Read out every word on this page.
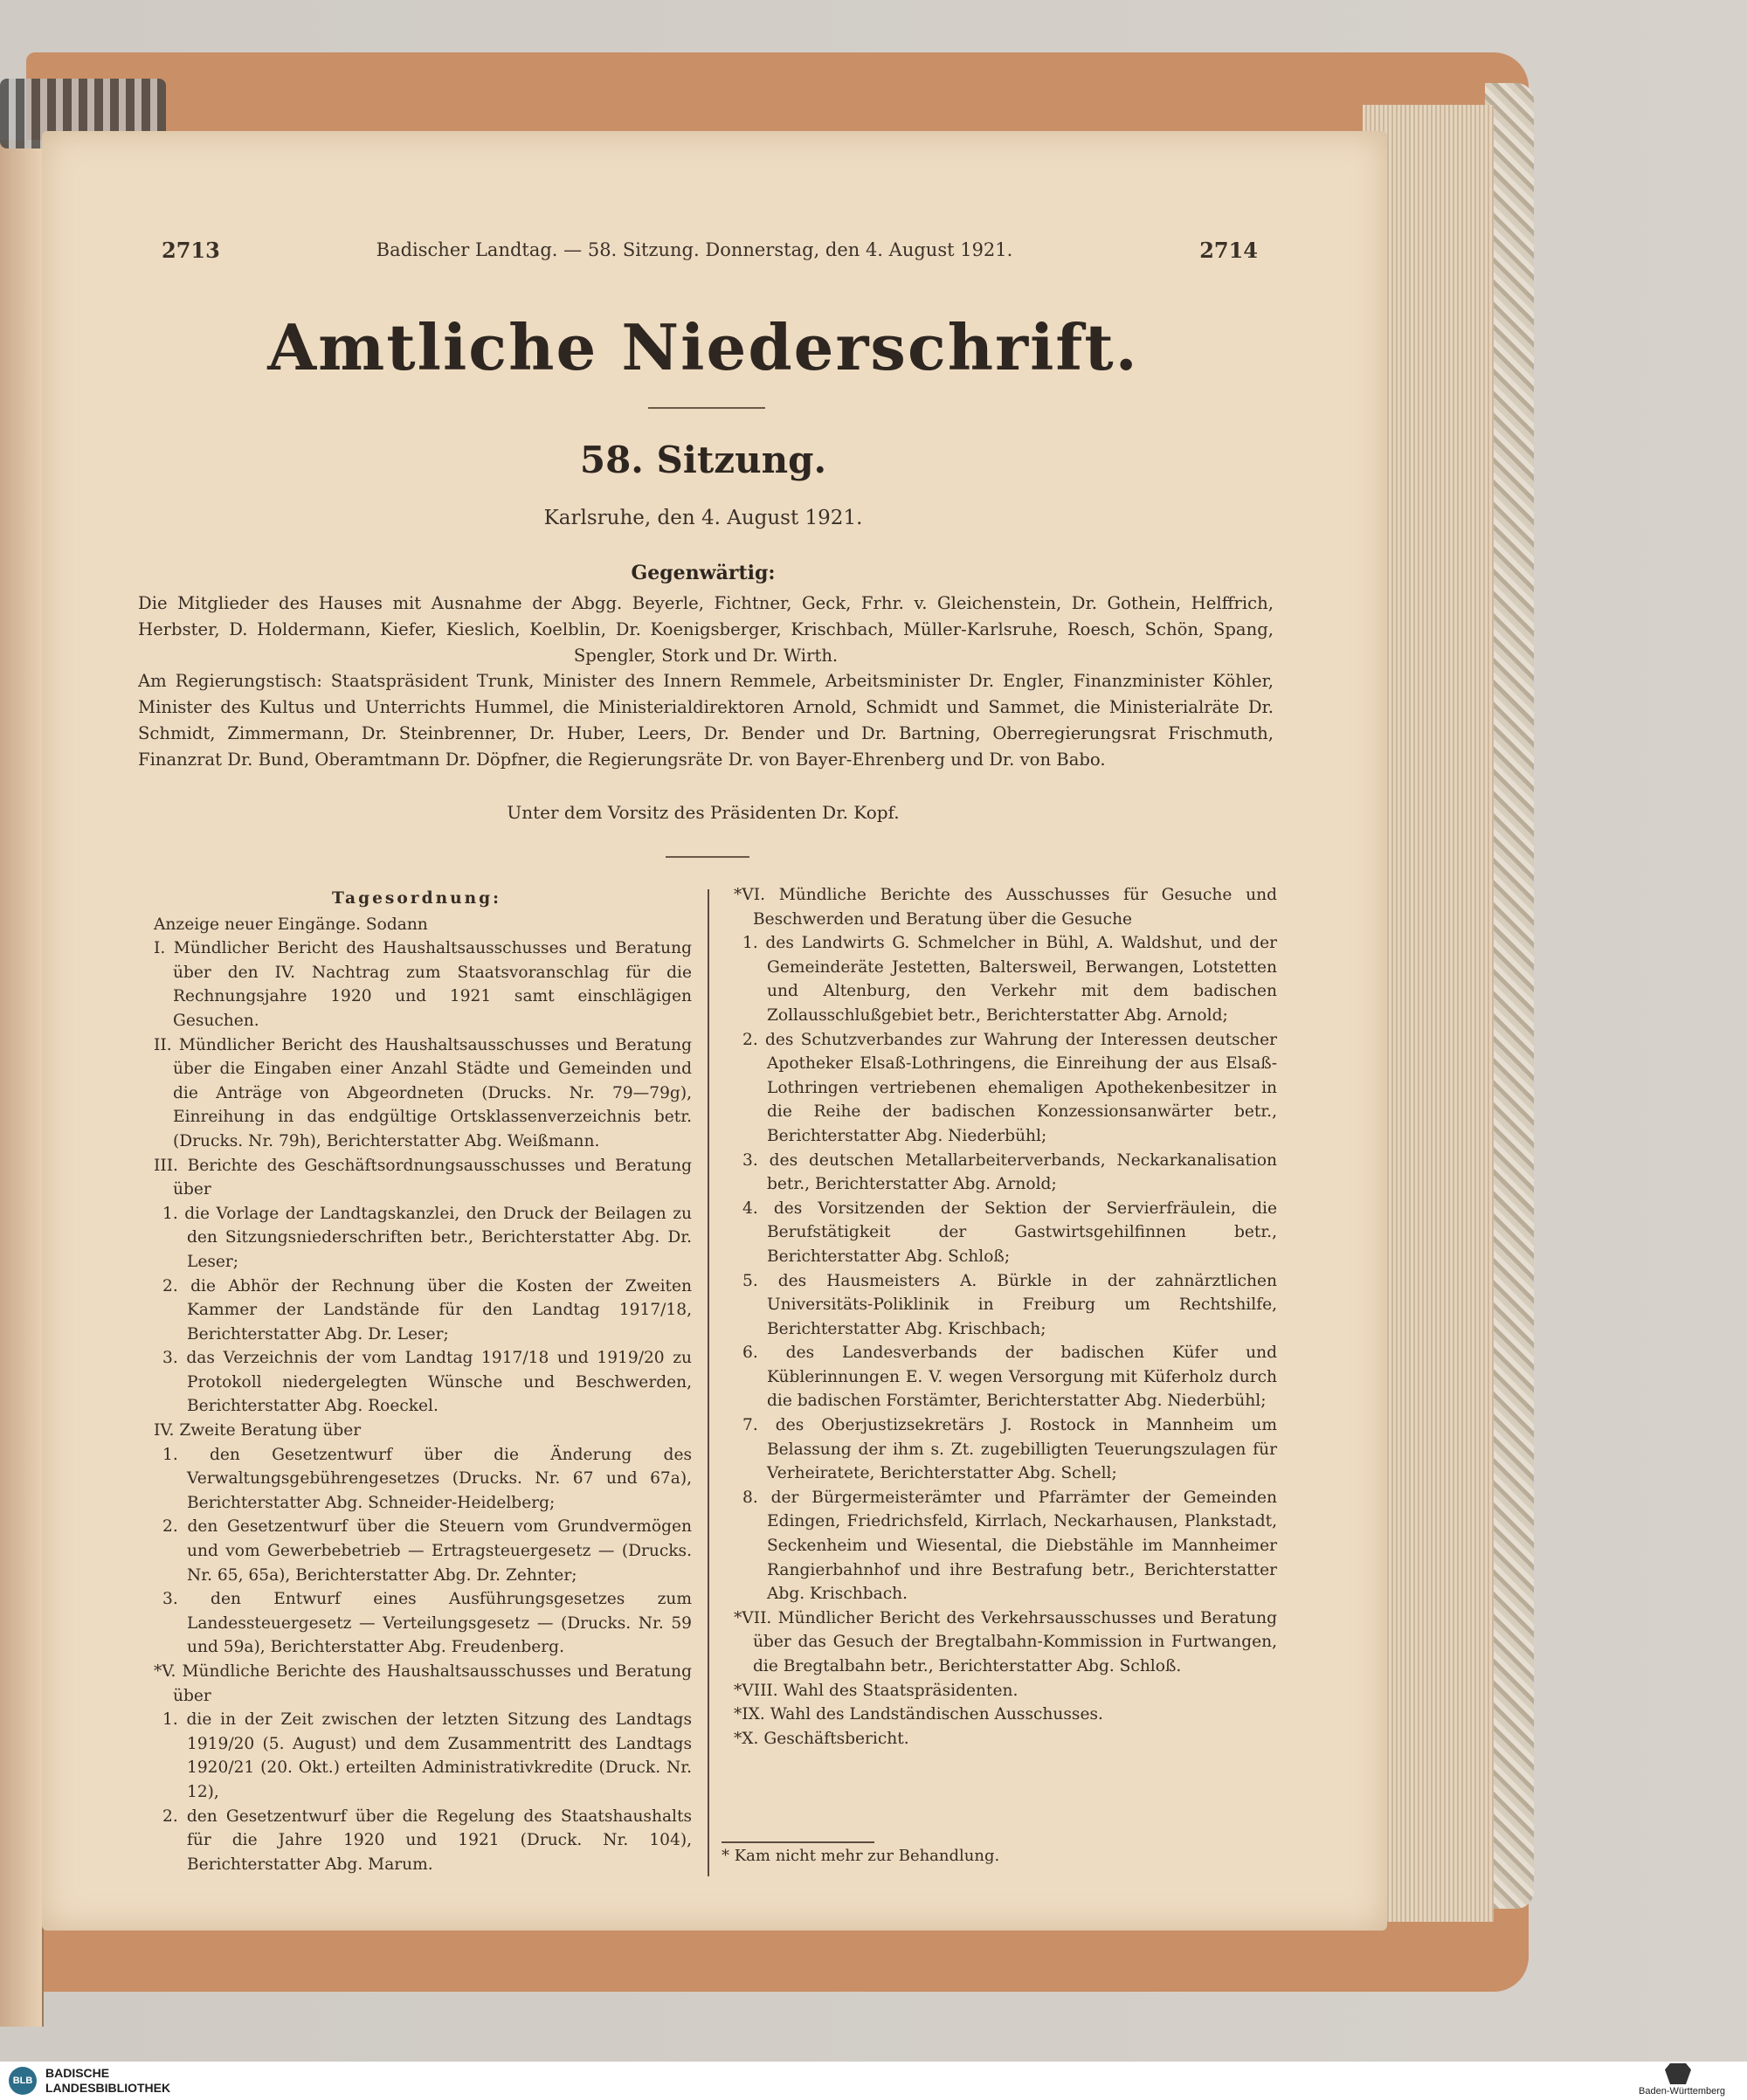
2713	Badischer Landtag. — 58. Sitzung. Donnerstag, den 4. August 1921.	2714
Amtliche Niederschrift.
58. Sitzung.
Karlsruhe, den 4. August 1921.
Gegenwärtig:
Die Mitglieder des Hauses mit Ausnahme der Abgg. Beyerle, Fichtner, Geck, Frhr. v. Gleichenstein, Dr. Gothein, Helffrich, Herbster, D. Holdermann, Kiefer, Kieslich, Koelblin, Dr. Koenigsberger, Krischbach, Müller-Karlsruhe, Roesch, Schön, Spang, Spengler, Stork und Dr. Wirth.
Am Regierungstisch: Staatspräsident Trunk, Minister des Innern Remmele, Arbeitsminister Dr. Engler, Finanzminister Köhler, Minister des Kultus und Unterrichts Hummel, die Ministerialdirektoren Arnold, Schmidt und Sammet, die Ministerialräte Dr. Schmidt, Zimmermann, Dr. Steinbrenner, Dr. Huber, Leers, Dr. Bender und Dr. Bartning, Oberregierungsrat Frischmuth, Finanzrat Dr. Bund, Oberamtmann Dr. Döpfner, die Regierungsräte Dr. von Bayer-Ehrenberg und Dr. von Babo.
Unter dem Vorsitz des Präsidenten Dr. Kopf.
Tagesordnung:

Anzeige neuer Eingänge. Sodann

I. Mündlicher Bericht des Haushaltsausschusses und Beratung über den IV. Nachtrag zum Staatsvoranschlag für die Rechnungsjahre 1920 und 1921 samt einschlägigen Gesuchen.

II. Mündlicher Bericht des Haushaltsausschusses und Beratung über die Eingaben einer Anzahl Städte und Gemeinden und die Anträge von Abgeordneten (Drucks. Nr. 79—79g), Einreihung in das endgültige Ortsklassenverzeichnis betr. (Drucks. Nr. 79h), Berichterstatter Abg. Weißmann.

III. Berichte des Geschäftsordnungsausschusses und Beratung über

1. die Vorlage der Landtagskanzlei, den Druck der Beilagen zu den Sitzungsniederschriften betr., Berichterstatter Abg. Dr. Leser;

2. die Abhör der Rechnung über die Kosten der Zweiten Kammer der Landstände für den Landtag 1917/18, Berichterstatter Abg. Dr. Leser;

3. das Verzeichnis der vom Landtag 1917/18 und 1919/20 zu Protokoll niedergelegten Wünsche und Beschwerden, Berichterstatter Abg. Roeckel.

IV. Zweite Beratung über

1. den Gesetzentwurf über die Änderung des Verwaltungsgebührengesetzes (Drucks. Nr. 67 und 67a), Berichterstatter Abg. Schneider-Heidelberg;

2. den Gesetzentwurf über die Steuern vom Grundvermögen und vom Gewerbebetrieb — Ertragsteuergesetz — (Drucks. Nr. 65, 65a), Berichterstatter Abg. Dr. Zehnter;

3. den Entwurf eines Ausführungsgesetzes zum Landessteuergesetz — Verteilungsgesetz — (Drucks. Nr. 59 und 59a), Berichterstatter Abg. Freudenberg.

*V. Mündliche Berichte des Haushaltsausschusses und Beratung über

1. die in der Zeit zwischen der letzten Sitzung des Landtags 1919/20 (5. August) und dem Zusammentritt des Landtags 1920/21 (20. Okt.) erteilten Administrativkredite (Druck. Nr. 12),

2. den Gesetzentwurf über die Regelung des Staatshaushalts für die Jahre 1920 und 1921 (Druck. Nr. 104), Berichterstatter Abg. Marum.

*VI. Mündliche Berichte des Ausschusses für Gesuche und Beschwerden und Beratung über die Gesuche

1. des Landwirts G. Schmelcher in Bühl, A. Waldshut, und der Gemeinderäte Jestetten, Baltersweil, Berwangen, Lotstetten und Altenburg, den Verkehr mit dem badischen Zollausschlußgebiet betr., Berichterstatter Abg. Arnold;

2. des Schutzverbandes zur Wahrung der Interessen deutscher Apotheker Elsaß-Lothringens, die Einreihung der aus Elsaß-Lothringen vertriebenen ehemaligen Apothekenbesitzer in die Reihe der badischen Konzessionsanwärter betr., Berichterstatter Abg. Niederbühl;

3. des deutschen Metallarbeiterverbands, Neckarkanalisation betr., Berichterstatter Abg. Arnold;

4. des Vorsitzenden der Sektion der Servierfräulein, die Berufstätigkeit der Gastwirtsgehilfinnen betr., Berichterstatter Abg. Schloß;

5. des Hausmeisters A. Bürkle in der zahnärztlichen Universitäts-Poliklinik in Freiburg um Rechtshilfe, Berichterstatter Abg. Krischbach;

6. des Landesverbands der badischen Küfer und Küblerinnungen E. V. wegen Versorgung mit Küferholz durch die badischen Forstämter, Berichterstatter Abg. Niederbühl;

7. des Oberjustizsekretärs J. Rostock in Mannheim um Belassung der ihm s. Zt. zugebilligten Teuerungszulagen für Verheiratete, Berichterstatter Abg. Schell;

8. der Bürgermeisterämter und Pfarrämter der Gemeinden Edingen, Friedrichsfeld, Kirrlach, Neckarhausen, Plankstadt, Seckenheim und Wiesental, die Diebstähle im Mannheimer Rangierbahnhof und ihre Bestrafung betr., Berichterstatter Abg. Krischbach.

*VII. Mündlicher Bericht des Verkehrsausschusses und Beratung über das Gesuch der Bregtalbahn-Kommission in Furtwangen, die Bregtalbahn betr., Berichterstatter Abg. Schloß.

*VIII. Wahl des Staatspräsidenten.

*IX. Wahl des Landständischen Ausschusses.

*X. Geschäftsbericht.

* Kam nicht mehr zur Behandlung.
BLB
BADISCHE
LANDESBIBLIOTHEK	Baden-Württemberg
